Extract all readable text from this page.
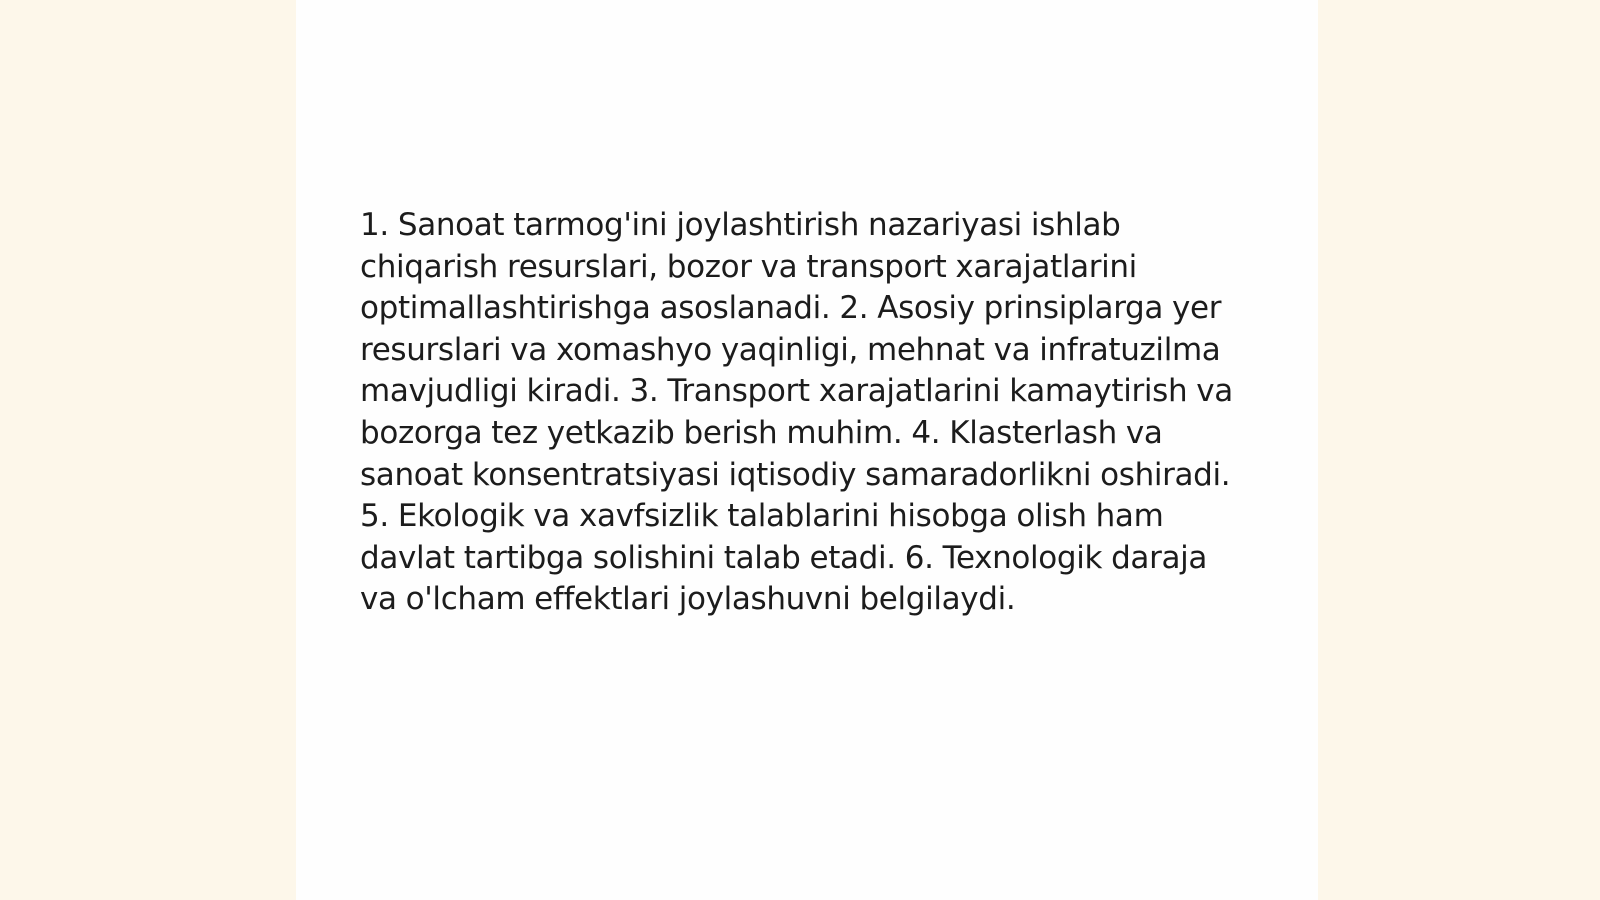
1. Sanoat tarmog'ini joylashtirish nazariyasi ishlab chiqarish resurslari, bozor va transport xarajatlarini optimallashtirishga asoslanadi. 2. Asosiy prinsiplarga yer resurslari va xomashyo yaqinligi, mehnat va infratuzilma mavjudligi kiradi. 3. Transport xarajatlarini kamaytirish va bozorga tez yetkazib berish muhim. 4. Klasterlash va sanoat konsentratsiyasi iqtisodiy samaradorlikni oshiradi. 5. Ekologik va xavfsizlik talablarini hisobga olish ham davlat tartibga solishini talab etadi. 6. Texnologik daraja va o'lcham effektlari joylashuvni belgilaydi.
